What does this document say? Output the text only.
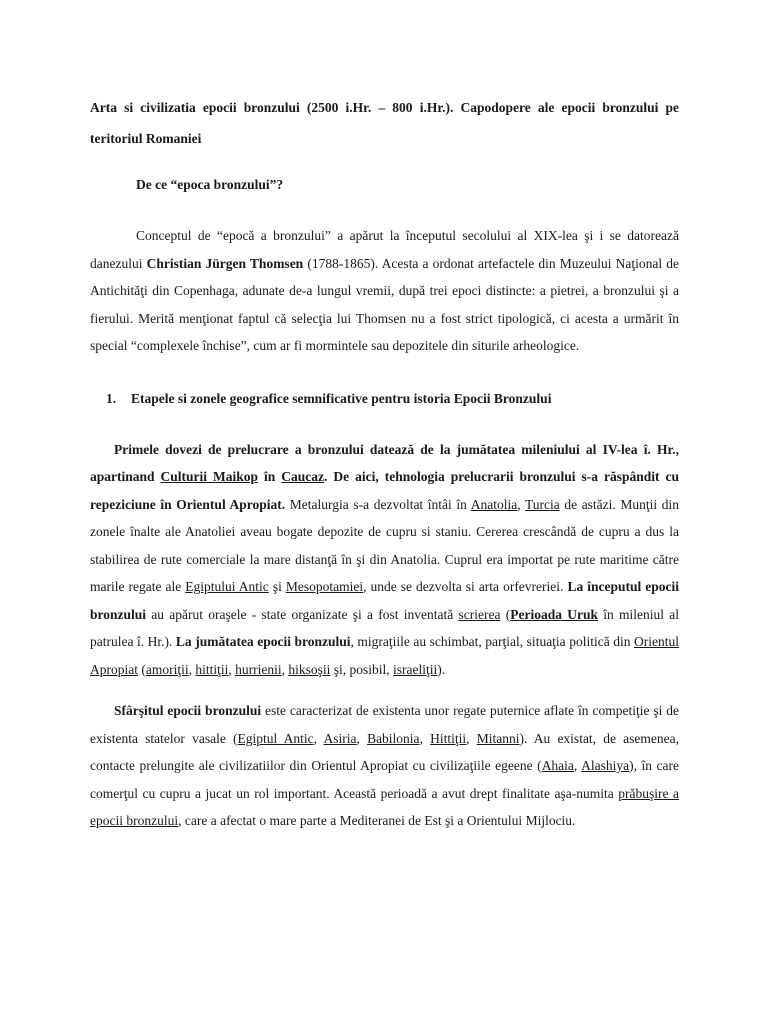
Arta si civilizatia epocii bronzului (2500 i.Hr. – 800 i.Hr.). Capodopere ale epocii bronzului pe teritoriul Romaniei

De ce “epoca bronzului”?

Conceptul de “epocă a bronzului” a apărut la începutul secolului al XIX-lea şi i se datorează danezului Christian Jürgen Thomsen (1788-1865). Acesta a ordonat artefactele din Muzeului Naţional de Antichităţi din Copenhaga, adunate de-a lungul vremii, după trei epoci distincte: a pietrei, a bronzului şi a fierului. Merită menţionat faptul că selecţia lui Thomsen nu a fost strict tipologică, ci acesta a urmărit în special “complexele închise”, cum ar fi mormintele sau depozitele din siturile arheologice.

1. Etapele si zonele geografice semnificative pentru istoria Epocii Bronzului

Primele dovezi de prelucrare a bronzului datează de la jumătatea mileniului al IV-lea î. Hr., apartinand Culturii Maikop în Caucaz. De aici, tehnologia prelucrarii bronzului s-a răspândit cu repeziciune în Orientul Apropiat. Metalurgia s-a dezvoltat întâi în Anatolia, Turcia de astăzi. Munţii din zonele înalte ale Anatoliei aveau bogate depozite de cupru si staniu. Cererea crescândă de cupru a dus la stabilirea de rute comerciale la mare distanţă în şi din Anatolia. Cuprul era importat pe rute maritime către marile regate ale Egiptului Antic şi Mesopotamiei, unde se dezvolta si arta orfevreriei. La începutul epocii bronzului au apărut oraşele - state organizate şi a fost inventată scrierea (Perioada Uruk în mileniul al patrulea î. Hr.). La jumătatea epocii bronzului, migraţiile au schimbat, parţial, situaţia politică din Orientul Apropiat (amoriţii, hittiţii, hurrienii, hiksoşii şi, posibil, israeliţii).

Sfârşitul epocii bronzului este caracterizat de existenta unor regate puternice aflate în competiţie şi de existenta statelor vasale (Egiptul Antic, Asiria, Babilonia, Hittiţii, Mitanni). Au existat, de asemenea, contacte prelungite ale civilizatiilor din Orientul Apropiat cu civilizaţiile egeene (Ahaia, Alashiya), în care comerţul cu cupru a jucat un rol important. Această perioadă a avut drept finalitate aşa-numita prăbuşire a epocii bronzului, care a afectat o mare parte a Mediteranei de Est şi a Orientului Mijlociu.
